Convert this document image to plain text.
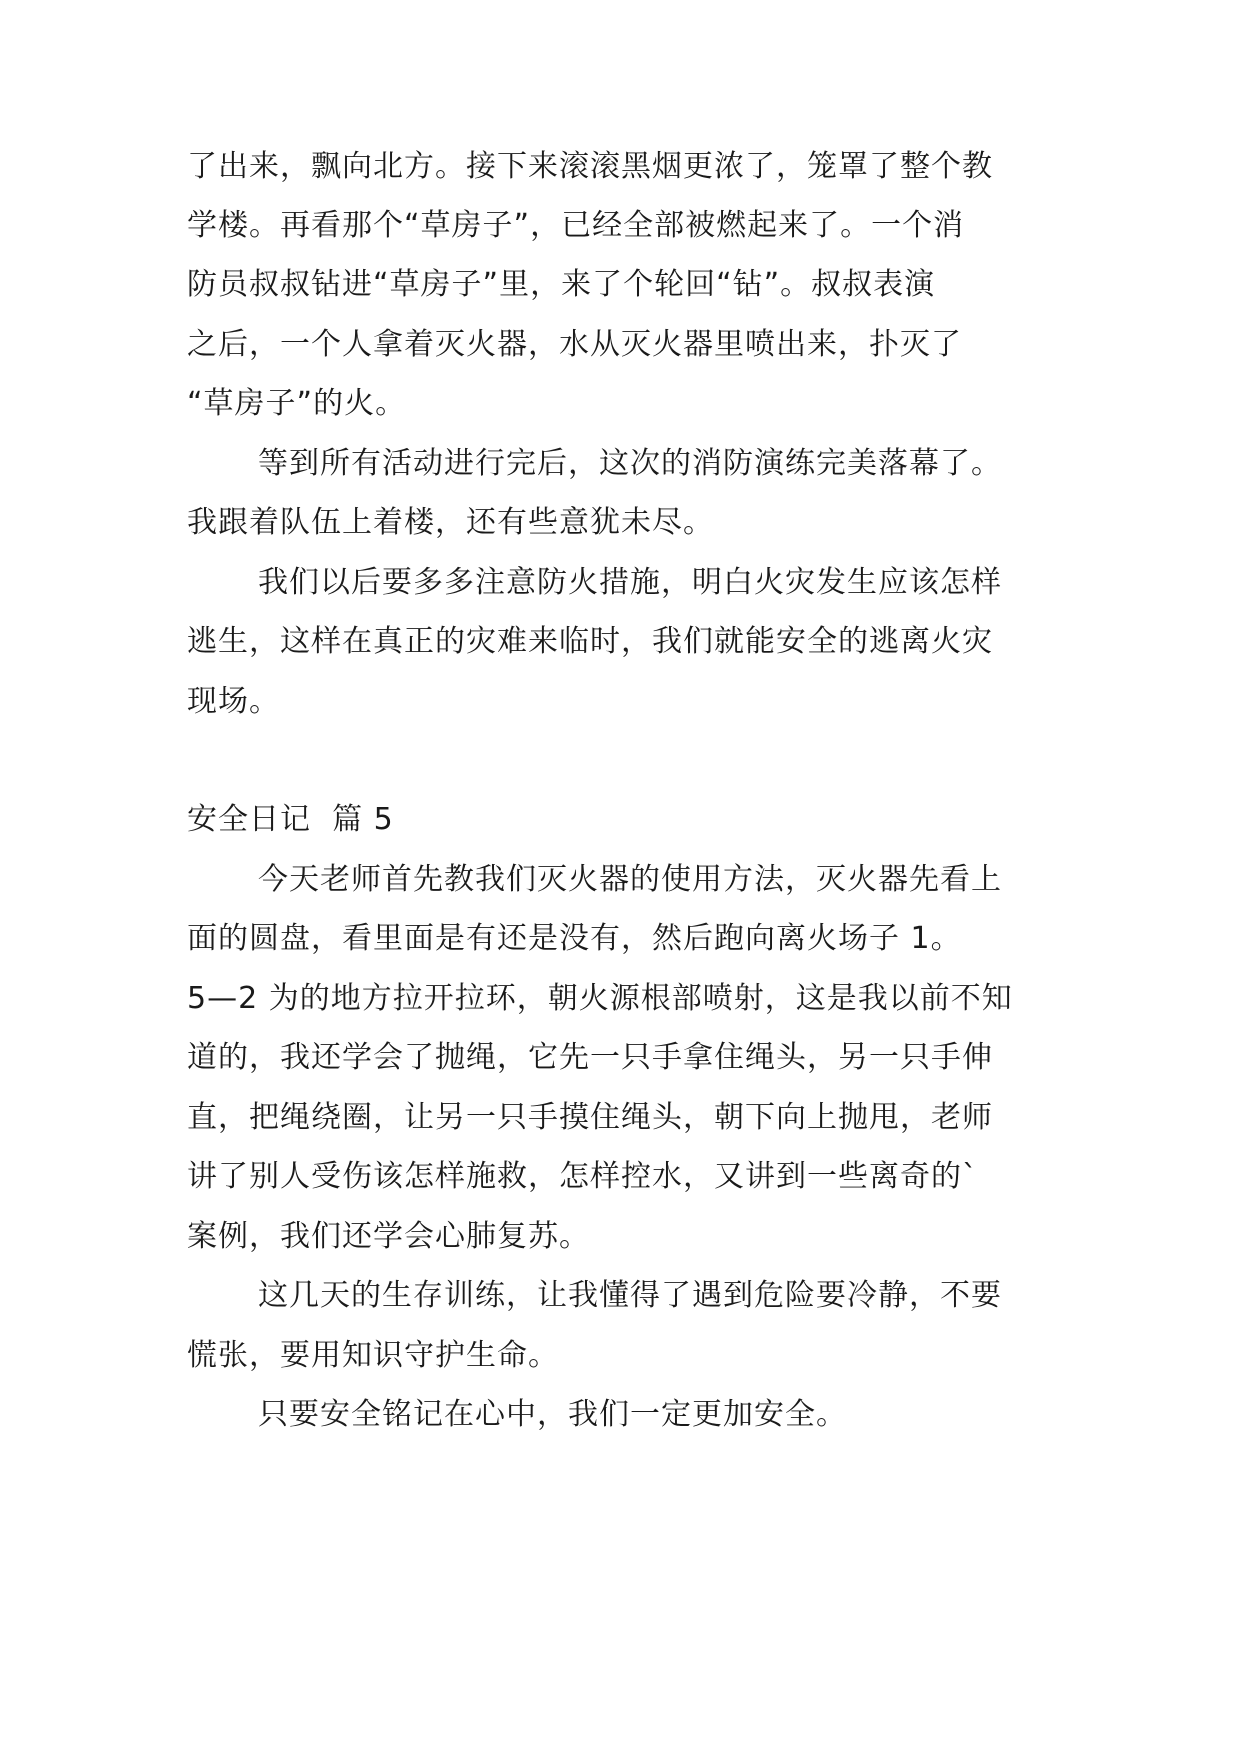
了出来，飘向北方。接下来滚滚黑烟更浓了，笼罩了整个教
学楼。再看那个“草房子”，已经全部被燃起来了。一个消
防员叔叔钻进“草房子”里，来了个轮回“钻”。叔叔表演
之后，一个人拿着灭火器，水从灭火器里喷出来，扑灭了
“草房子”的火。
等到所有活动进行完后，这次的消防演练完美落幕了。
我跟着队伍上着楼，还有些意犹未尽。
我们以后要多多注意防火措施，明白火灾发生应该怎样
逃生，这样在真正的灾难来临时，我们就能安全的逃离火灾
现场。
安全日记  篇 5
今天老师首先教我们灭火器的使用方法，灭火器先看上
面的圆盘，看里面是有还是没有，然后跑向离火场子 1。
5—2 为的地方拉开拉环，朝火源根部喷射，这是我以前不知
道的，我还学会了抛绳，它先一只手拿住绳头，另一只手伸
直，把绳绕圈，让另一只手摸住绳头，朝下向上抛甩，老师
讲了别人受伤该怎样施救，怎样控水，又讲到一些离奇的`
案例，我们还学会心肺复苏。
这几天的生存训练，让我懂得了遇到危险要冷静，不要
慌张，要用知识守护生命。
只要安全铭记在心中，我们一定更加安全。
